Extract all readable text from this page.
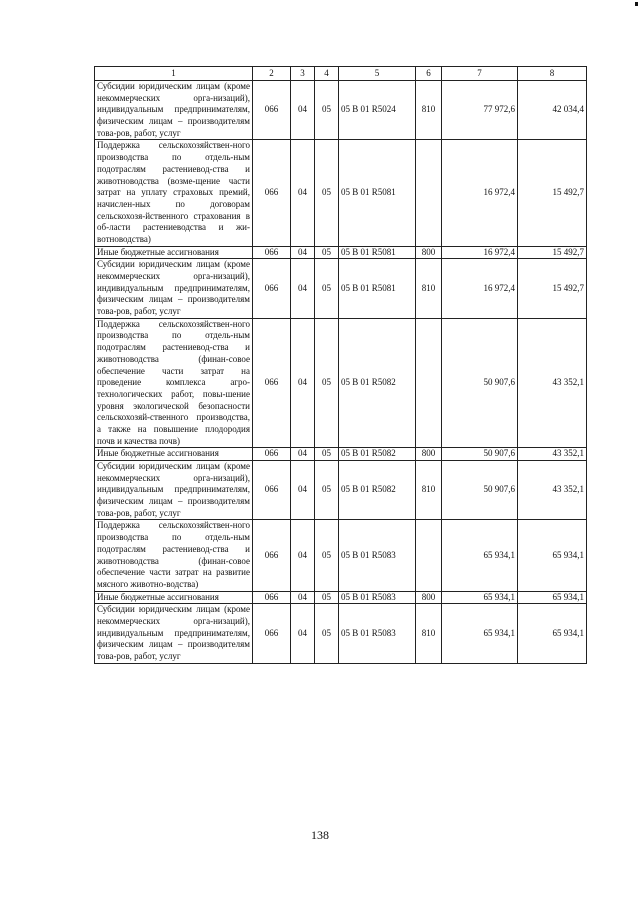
1	2	3	4	5	6	7	8
Субсидии юридическим лицам (кроме некоммерческих орга-низаций), индивидуальным предпринимателям, физическим лицам – производителям това-ров, работ, услуг	066	04	05	05 В 01 R5024	810	77 972,6	42 034,4
Поддержка сельскохозяйствен-ного производства по отдель-ным подотраслям растениевод-ства и животноводства (возме-щение части затрат на уплату страховых премий, начислен-ных по договорам сельскохозя-йственного страхования в об-ласти растениеводства и жи-вотноводства)	066	04	05	05 В 01 R5081		16 972,4	15 492,7
Иные бюджетные ассигнования	066	04	05	05 В 01 R5081	800	16 972,4	15 492,7
Субсидии юридическим лицам (кроме некоммерческих орга-низаций), индивидуальным предпринимателям, физическим лицам – производителям това-ров, работ, услуг	066	04	05	05 В 01 R5081	810	16 972,4	15 492,7
Поддержка сельскохозяйствен-ного производства по отдель-ным подотраслям растениевод-ства и животноводства (финан-совое обеспечение части затрат на проведение комплекса агро-технологических работ, повы-шение уровня экологической безопасности сельскохозяй-ственного производства, а также на повышение плодородия почв и качества почв)	066	04	05	05 В 01 R5082		50 907,6	43 352,1
Иные бюджетные ассигнования	066	04	05	05 В 01 R5082	800	50 907,6	43 352,1
Субсидии юридическим лицам (кроме некоммерческих орга-низаций), индивидуальным предпринимателям, физическим лицам – производителям това-ров, работ, услуг	066	04	05	05 В 01 R5082	810	50 907,6	43 352,1
Поддержка сельскохозяйствен-ного производства по отдель-ным подотраслям растениевод-ства и животноводства (финан-совое обеспечение части затрат на развитие мясного животно-водства)	066	04	05	05 В 01 R5083		65 934,1	65 934,1
Иные бюджетные ассигнования	066	04	05	05 В 01 R5083	800	65 934,1	65 934,1
Субсидии юридическим лицам (кроме некоммерческих орга-низаций), индивидуальным предпринимателям, физическим лицам – производителям това-ров, работ, услуг	066	04	05	05 В 01 R5083	810	65 934,1	65 934,1
138
